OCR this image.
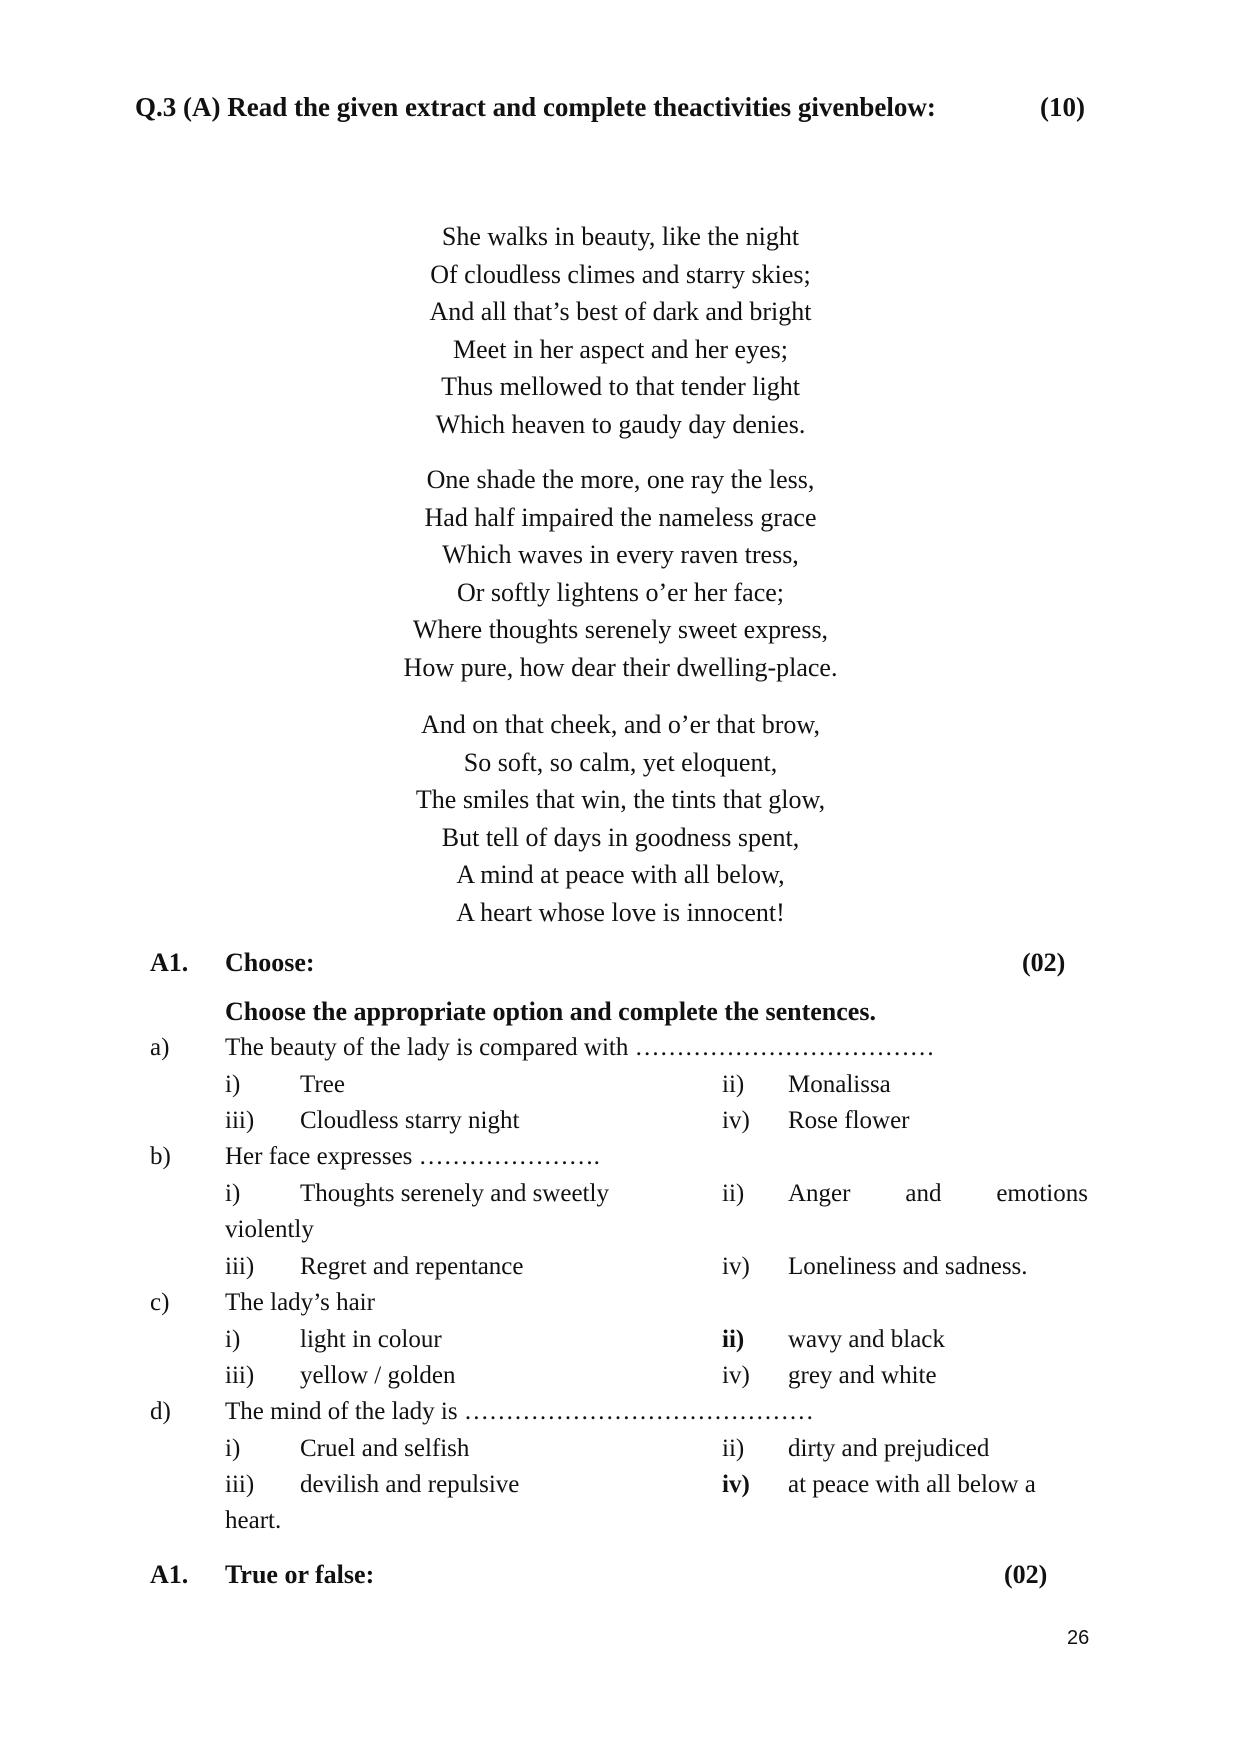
Q.3 (A) Read the given extract and complete theactivities givenbelow:	(10)
She walks in beauty, like the night
Of cloudless climes and starry skies;
And all that’s best of dark and bright
Meet in her aspect and her eyes;
Thus mellowed to that tender light
Which heaven to gaudy day denies.
One shade the more, one ray the less,
Had half impaired the nameless grace
Which waves in every raven tress,
Or softly lightens o’er her face;
Where thoughts serenely sweet express,
How pure, how dear their dwelling-place.
And on that cheek, and o’er that brow,
So soft, so calm, yet eloquent,
The smiles that win, the tints that glow,
But tell of days in goodness spent,
A mind at peace with all below,
A heart whose love is innocent!
A1. Choose:	(02)
Choose the appropriate option and complete the sentences.
a) The beauty of the lady is compared with ………………………………
i) Tree	ii) Monalissa
iii) Cloudless starry night	iv) Rose flower
b) Her face expresses ………………….
i) Thoughts serenely and sweetly	ii) Anger and emotions
violently
iii) Regret and repentance	iv) Loneliness and sadness.
c) The lady’s hair
i) light in colour	ii) wavy and black
iii) yellow / golden	iv) grey and white
d) The mind of the lady is ……………………………………
i) Cruel and selfish	ii) dirty and prejudiced
iii) devilish and repulsive	iv) at peace with all below a
heart.
A1. True or false:	(02)
26
